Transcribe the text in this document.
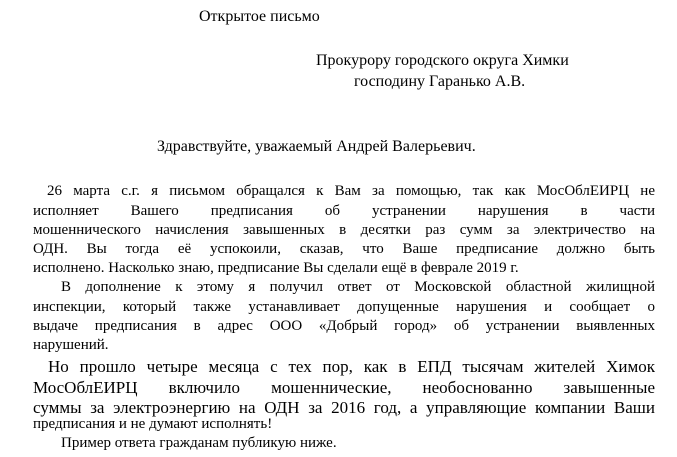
Открытое письмо

Прокурору городского округа Химки

господину Гаранько А.В.

Здравствуйте, уважаемый Андрей Валерьевич.

26 марта с.г. я письмом обращался к Вам за помощью, так как МосОблЕИРЦ не

исполняет Вашего предписания об устранении нарушения в части

мошеннического начисления завышенных в десятки раз сумм за электричество на

ОДН. Вы тогда её успокоили, сказав, что Ваше предписание должно быть

исполнено. Насколько знаю, предписание Вы сделали ещё в феврале 2019 г.

В дополнение к этому я получил ответ от Московской областной жилищной

инспекции, который также устанавливает допущенные нарушения и сообщает о

выдаче предписания в адрес ООО «Добрый город» об устранении выявленных

нарушений.

Но прошло четыре месяца с тех пор, как в ЕПД тысячам жителей Химок

МосОблЕИРЦ включило мошеннические, необоснованно завышенные

суммы за электроэнергию на ОДН за 2016 год, а управляющие компании Ваши

предписания и не думают исполнять!

Пример ответа гражданам публикую ниже.
